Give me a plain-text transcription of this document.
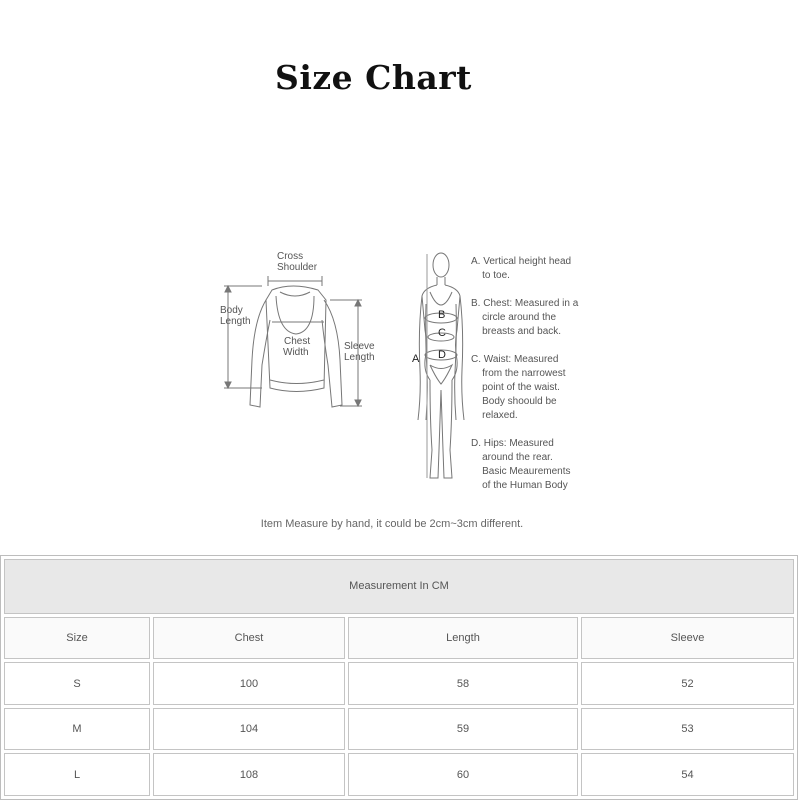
Size Chart
Cross
Shoulder
Body
Length
Chest
Width
Sleeve
Length	A
B
C
D
A. Vertical height head
to toe.
B. Chest: Measured in a
circle around the
breasts and back.
C. Waist: Measured
from the narrowest
point of the waist.
Body shoould be
relaxed.
D. Hips: Measured
around the rear.
Basic Meaurements
of the Human Body
Item Measure by hand, it could be 2cm~3cm different.
Measurement In CM			
Size	Chest	Length	Sleeve
S	100	58	52
M	104	59	53
L	108	60	54
